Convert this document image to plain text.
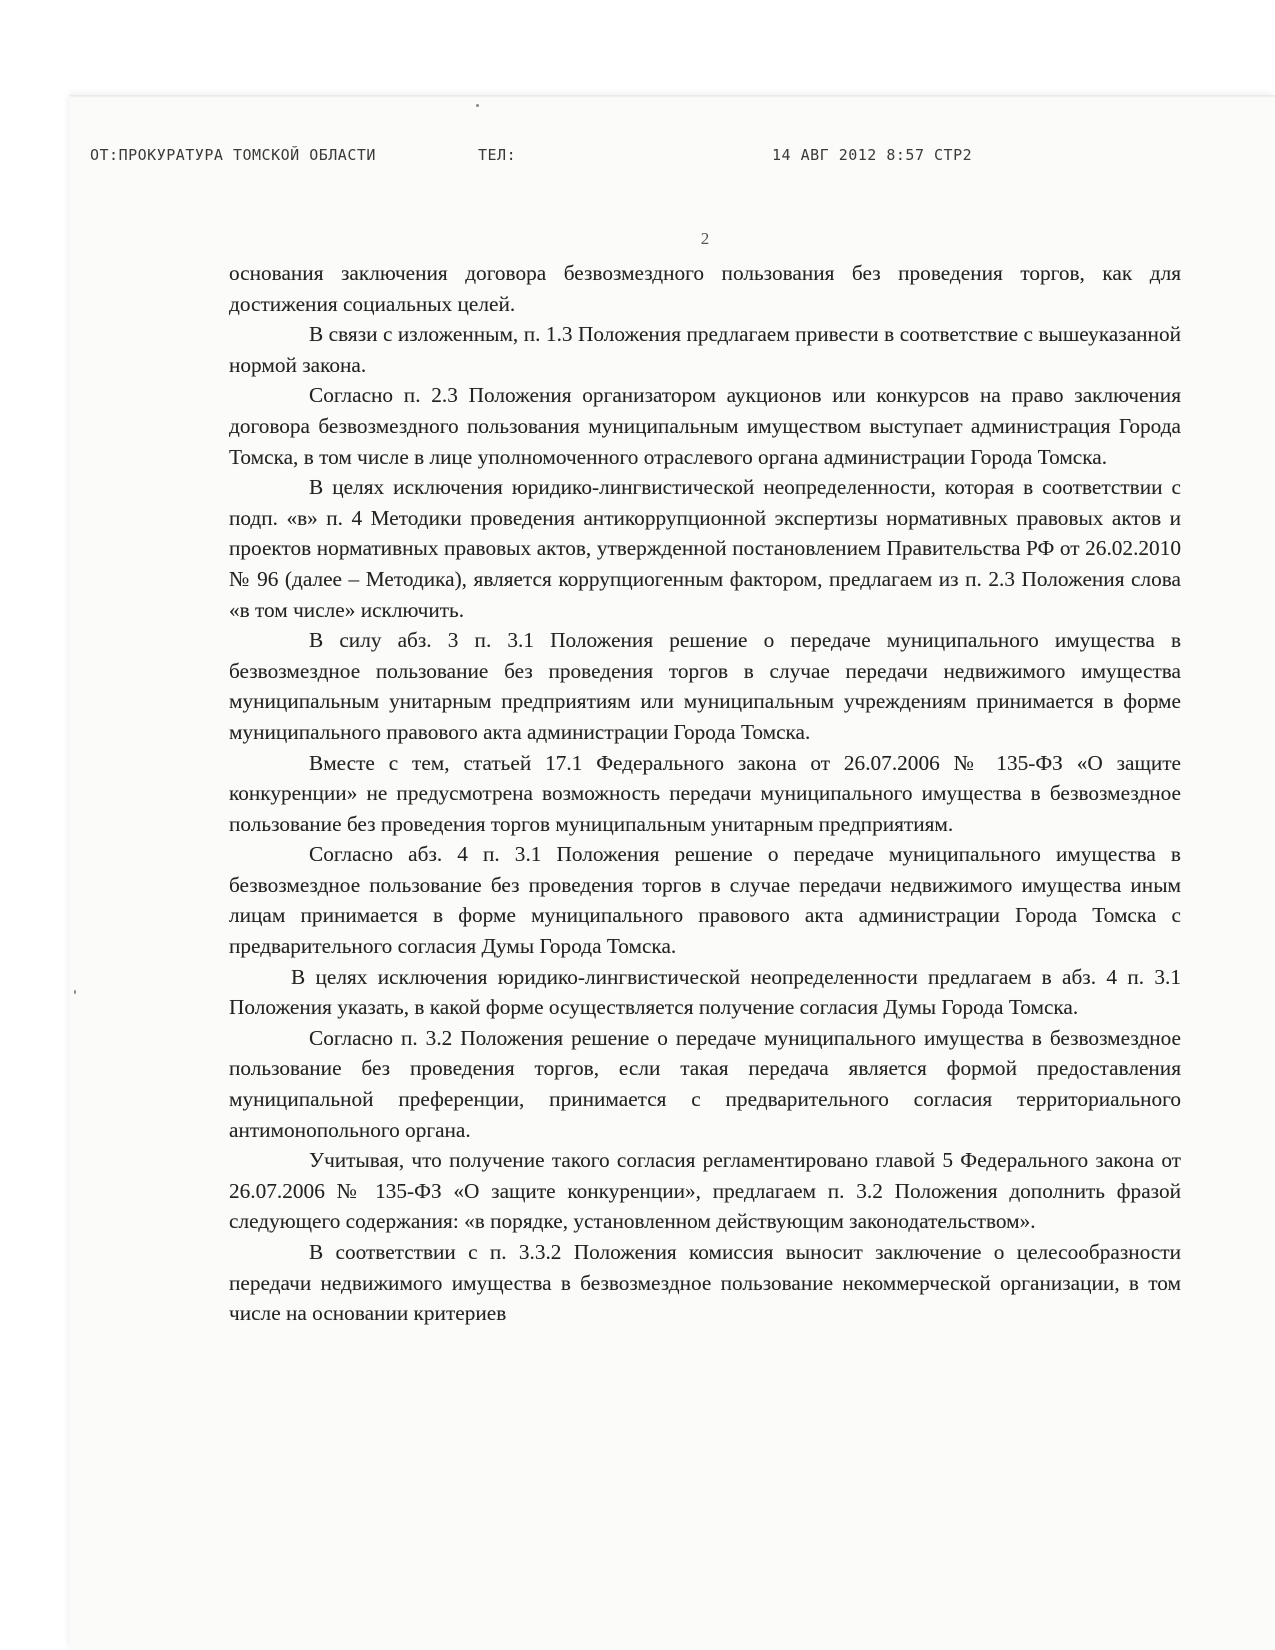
ОТ:ПРОКУРАТУРА ТОМСКОЙ ОБЛАСТИ	ТЕЛ:	14 АВГ 2012 8:57 СТР2
2

основания заключения договора безвозмездного пользования без проведения торгов, как для достижения социальных целей.

В связи с изложенным, п. 1.3 Положения предлагаем привести в соответствие с вышеуказанной нормой закона.

Согласно п. 2.3 Положения организатором аукционов или конкурсов на право заключения договора безвозмездного пользования муниципальным имуществом выступает администрация Города Томска, в том числе в лице уполномоченного отраслевого органа администрации Города Томска.

В целях исключения юридико-лингвистической неопределенности, которая в соответствии с подп. «в» п. 4 Методики проведения антикоррупционной экспертизы нормативных правовых актов и проектов нормативных правовых актов, утвержденной постановлением Правительства РФ от 26.02.2010 № 96 (далее – Методика), является коррупциогенным фактором, предлагаем из п. 2.3 Положения слова «в том числе» исключить.

В силу абз. 3 п. 3.1 Положения решение о передаче муниципального имущества в безвозмездное пользование без проведения торгов в случае передачи недвижимого имущества муниципальным унитарным предприятиям или муниципальным учреждениям принимается в форме муниципального правового акта администрации Города Томска.

Вместе с тем, статьей 17.1 Федерального закона от 26.07.2006 № 135-ФЗ «О защите конкуренции» не предусмотрена возможность передачи муниципального имущества в безвозмездное пользование без проведения торгов муниципальным унитарным предприятиям.

Согласно абз. 4 п. 3.1 Положения решение о передаче муниципального имущества в безвозмездное пользование без проведения торгов в случае передачи недвижимого имущества иным лицам принимается в форме муниципального правового акта администрации Города Томска с предварительного согласия Думы Города Томска.

В целях исключения юридико-лингвистической неопределенности предлагаем в абз. 4 п. 3.1 Положения указать, в какой форме осуществляется получение согласия Думы Города Томска.

Согласно п. 3.2 Положения решение о передаче муниципального имущества в безвозмездное пользование без проведения торгов, если такая передача является формой предоставления муниципальной преференции, принимается с предварительного согласия территориального антимонопольного органа.

Учитывая, что получение такого согласия регламентировано главой 5 Федерального закона от 26.07.2006 № 135-ФЗ «О защите конкуренции», предлагаем п. 3.2 Положения дополнить фразой следующего содержания: «в порядке, установленном действующим законодательством».

В соответствии с п. 3.3.2 Положения комиссия выносит заключение о целесообразности передачи недвижимого имущества в безвозмездное пользование некоммерческой организации, в том числе на основании критериев
